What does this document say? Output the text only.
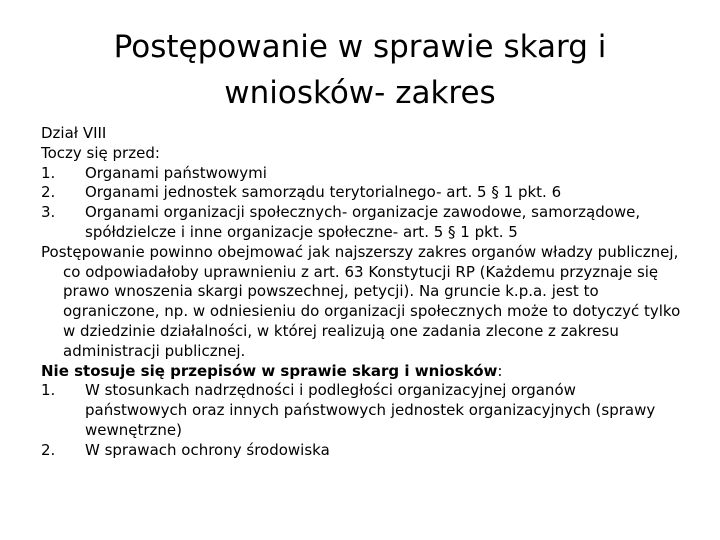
Postępowanie w sprawie skarg i
wniosków- zakres

Dział VIII

Toczy się przed:

1. Organami państwowymi

2. Organami jednostek samorządu terytorialnego- art. 5 § 1 pkt. 6

3. Organami organizacji społecznych- organizacje zawodowe, samorządowe, spółdzielcze i inne organizacje społeczne- art. 5 § 1 pkt. 5

Postępowanie powinno obejmować jak najszerszy zakres organów władzy publicznej, co odpowiadałoby uprawnieniu z art. 63 Konstytucji RP (Każdemu przyznaje się prawo wnoszenia skargi powszechnej, petycji). Na gruncie k.p.a. jest to ograniczone, np. w odniesieniu do organizacji społecznych może to dotyczyć tylko w dziedzinie działalności, w której realizują one zadania zlecone z zakresu administracji publicznej.

Nie stosuje się przepisów w sprawie skarg i wniosków:

1. W stosunkach nadrzędności i podległości organizacyjnej organów państwowych oraz innych państwowych jednostek organizacyjnych (sprawy wewnętrzne)

2. W sprawach ochrony środowiska
